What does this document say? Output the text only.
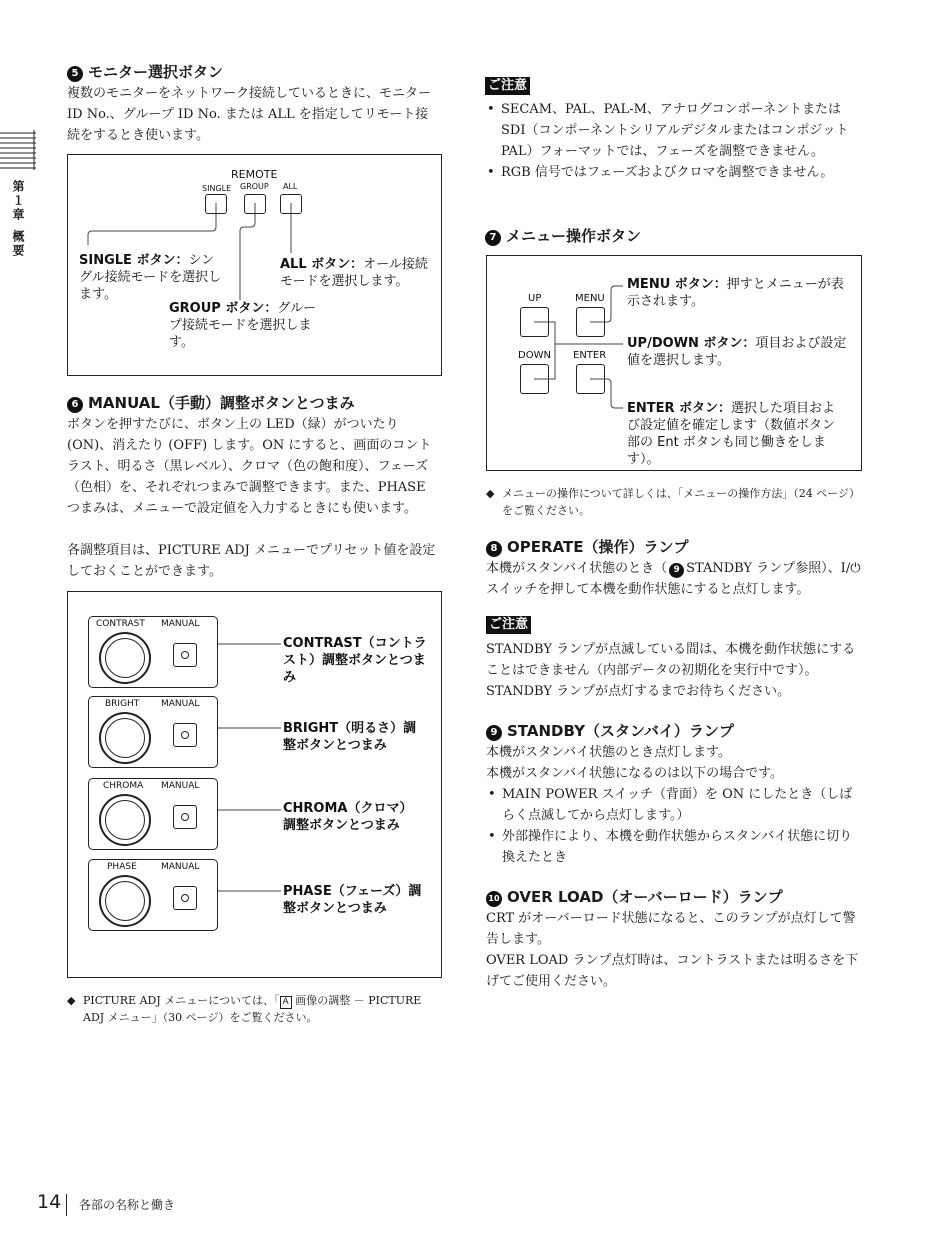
第１章概要
5 モニター選択ボタン
複数のモニターをネットワーク接続しているときに、モニター ID No.、グループ ID No. または ALL を指定してリモート接続をするとき使います。
REMOTE
SINGLE GROUP ALL
SINGLE ボタン：シングル接続モードを選択します。
ALL ボタン：オール接続モードを選択します。
GROUP ボタン：グループ接続モードを選択します。
6 MANUAL（手動）調整ボタンとつまみ
ボタンを押すたびに、ボタン上の LED（緑）がついたり (ON)、消えたり (OFF) します。ON にすると、画面のコントラスト、明るさ（黒レベル）、クロマ（色の飽和度）、フェーズ（色相）を、それぞれつまみで調整できます。また、PHASE つまみは、メニューで設定値を入力するときにも使います。
各調整項目は、PICTURE ADJ メニューでプリセット値を設定しておくことができます。
CONTRAST MANUAL
BRIGHT MANUAL
CHROMA MANUAL
PHASE	MANUAL
CONTRAST（コントラスト）調整ボタンとつまみ
BRIGHT（明るさ）調整ボタンとつまみ
CHROMA（クロマ）調整ボタンとつまみ
PHASE（フェーズ）調整ボタンとつまみ
◆ PICTURE ADJ メニューについては、「 A 画像の調整 － PICTURE ADJ メニュー」（30 ページ）をご覧ください。
ご注意
• SECAM、PAL、PAL-M、アナログコンポーネントまたは SDI（コンポーネントシリアルデジタルまたはコンポジット PAL）フォーマットでは、フェーズを調整できません。
• RGB 信号ではフェーズおよびクロマを調整できません。
7 メニュー操作ボタン
UP	MENU
DOWN ENTER
MENU ボタン：押すとメニューが表示されます。
UP/DOWN ボタン：項目および設定値を選択します。
ENTER ボタン：選択した項目および設定値を確定します（数値ボタン部の Ent ボタンも同じ働きをします）。
◆ メニューの操作について詳しくは、「メニューの操作方法」（24 ページ）をご覧ください。
8 OPERATE（操作）ランプ
本機がスタンバイ状態のとき（ 9 STANDBY ランプ参照）、I/⏻ スイッチを押して本機を動作状態にすると点灯します。
ご注意
STANDBY ランプが点滅している間は、本機を動作状態にすることはできません（内部データの初期化を実行中です）。STANDBY ランプが点灯するまでお待ちください。
9 STANDBY（スタンバイ）ランプ
本機がスタンバイ状態のとき点灯します。
本機がスタンバイ状態になるのは以下の場合です。
• MAIN POWER スイッチ（背面）を ON にしたとき（しばらく点滅してから点灯します。）
• 外部操作により、本機を動作状態からスタンバイ状態に切り換えたとき
10 OVER LOAD（オーバーロード）ランプ
CRT がオーバーロード状態になると、このランプが点灯して警告します。
OVER LOAD ランプ点灯時は、コントラストまたは明るさを下げてご使用ください。
14 各部の名称と働き
